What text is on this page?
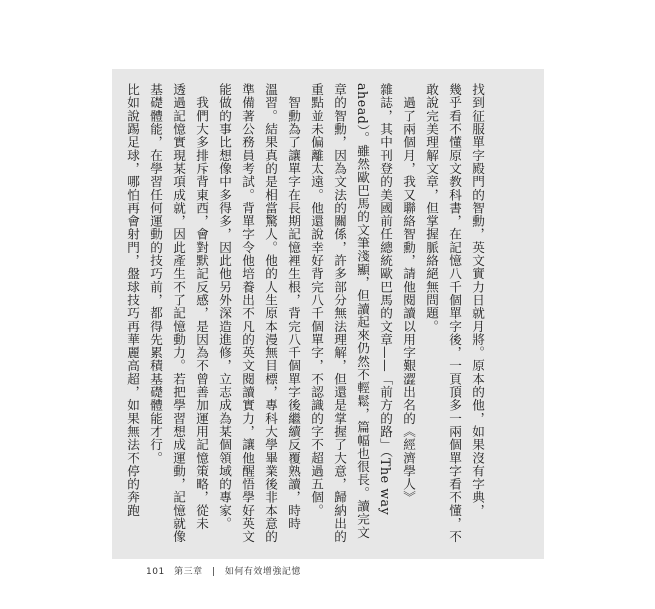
找到征服單字殿門的智勳，英文實力日就月將。原本的他，如果沒有字典，
幾乎看不懂原文教科書，在記憶八千個單字後，一頁頂多一兩個單字看不懂，不
敢說完美理解文章，但掌握脈絡絕無問題。
　過了兩個月，我又聯絡智勳，請他閱讀以用字艱澀出名的《經濟學人》
雜誌，其中刊登的美國前任總統歐巴馬的文章——「前方的路」（The way
ahead）。雖然歐巴馬的文筆淺顯，但讀起來仍然不輕鬆，篇幅也很長。讀完文
章的智勳，因為文法的關係，許多部分無法理解，但還是掌握了大意，歸納出的
重點並未偏離太遠。他還說幸好背完八千個單字，不認識的字不超過五個。
　智勳為了讓單字在長期記憶裡生根，背完八千個單字後繼續反覆熟讀，時時
溫習。結果真的是相當驚人。他的人生原本漫無目標，專科大學畢業後非本意的
準備著公務員考試。背單字令他培養出不凡的英文閱讀實力，讓他醒悟學好英文
能做的事比想像中多得多，因此他另外深造進修，立志成為某個領域的專家。
　我們大多排斥背東西，會對默記反感，是因為不曾善加運用記憶策略，從未
透過記憶實現某項成就，因此產生不了記憶動力。若把學習想成運動，記憶就像
基礎體能，在學習任何運動的技巧前，都得先累積基礎體能才行。
比如說踢足球，哪怕再會射門，盤球技巧再華麗高超，如果無法不停的奔跑
101 第三章 | 如何有效增強記憶
